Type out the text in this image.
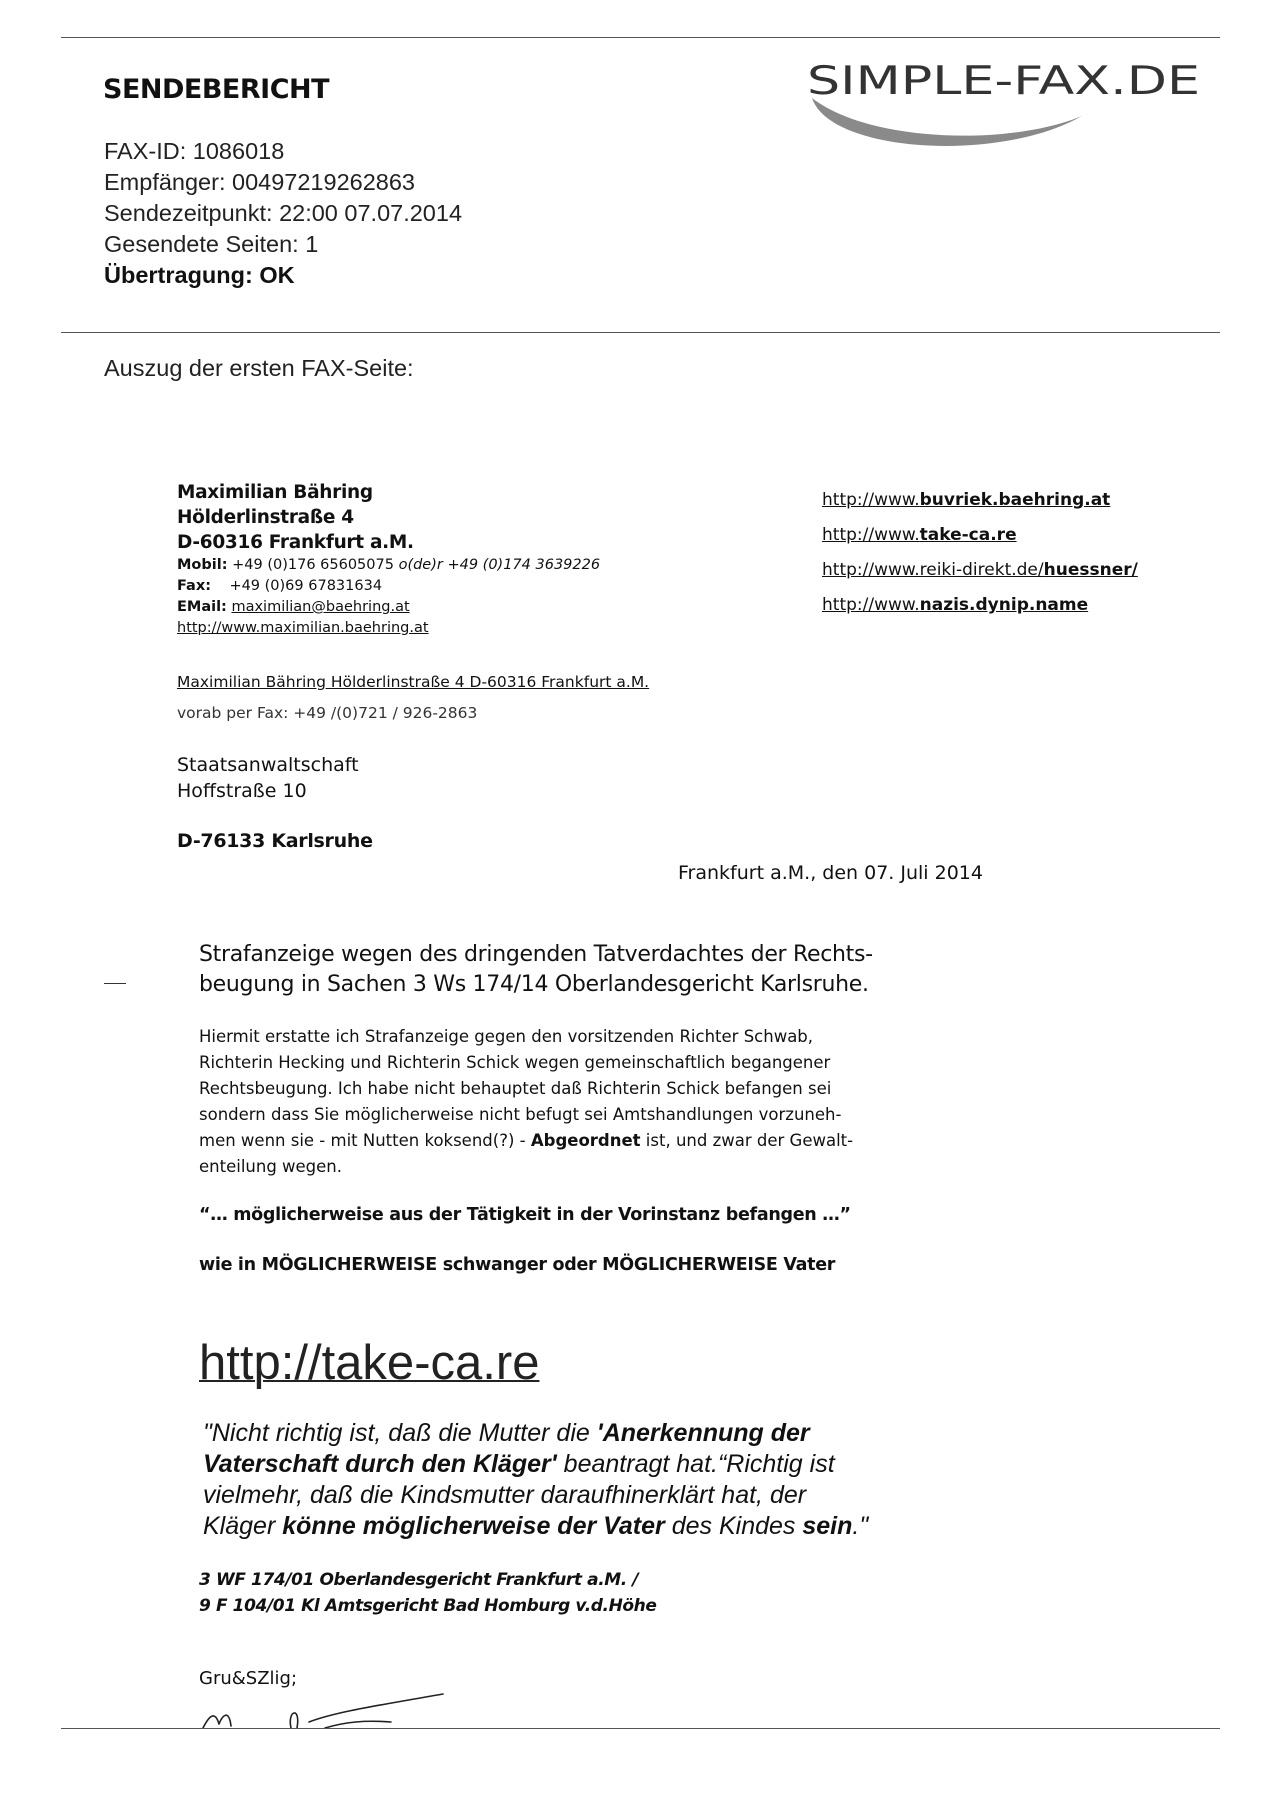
SENDEBERICHT	SIMPLE-FAX.DE
FAX-ID: 1086018
Empfänger: 00497219262863
Sendezeitpunkt: 22:00 07.07.2014
Gesendete Seiten: 1
Übertragung: OK
Auszug der ersten FAX-Seite:
Maximilian Bähring
Hölderlinstraße 4
D-60316 Frankfurt a.M.
Mobil: +49 (0)176 65605075 o(de)r +49 (0)174 3639226
Fax: +49 (0)69 67831634
EMail: maximilian@baehring.at
http://www.maximilian.baehring.at
http://www.buvriek.baehring.at
http://www.take-ca.re
http://www.reiki-direkt.de/huessner/
http://www.nazis.dynip.name
Maximilian Bähring Hölderlinstraße 4 D-60316 Frankfurt a.M.
vorab per Fax: +49 /(0)721 / 926-2863
Staatsanwaltschaft
Hoffstraße 10
D-76133 Karlsruhe
Frankfurt a.M., den 07. Juli 2014
Strafanzeige wegen des dringenden Tatverdachtes der Rechts-
beugung in Sachen 3 Ws 174/14 Oberlandesgericht Karlsruhe.
Hiermit erstatte ich Strafanzeige gegen den vorsitzenden Richter Schwab,
Richterin Hecking und Richterin Schick wegen gemeinschaftlich begangener
Rechtsbeugung. Ich habe nicht behauptet daß Richterin Schick befangen sei
sondern dass Sie möglicherweise nicht befugt sei Amtshandlungen vorzuneh-
men wenn sie - mit Nutten koksend(?) - Abgeordnet ist, und zwar der Gewalt-
enteilung wegen.
“… möglicherweise aus der Tätigkeit in der Vorinstanz befangen …”
wie in MÖGLICHERWEISE schwanger oder MÖGLICHERWEISE Vater
http://take-ca.re
"Nicht richtig ist, daß die Mutter die 'Anerkennung der
Vaterschaft durch den Kläger' beantragt hat.“Richtig ist
vielmehr, daß die Kindsmutter daraufhinerklärt hat, der
Kläger könne möglicherweise der Vater des Kindes sein."
3 WF 174/01 Oberlandesgericht Frankfurt a.M. /
9 F 104/01 Kl Amtsgericht Bad Homburg v.d.Höhe
Gru&SZlig;
